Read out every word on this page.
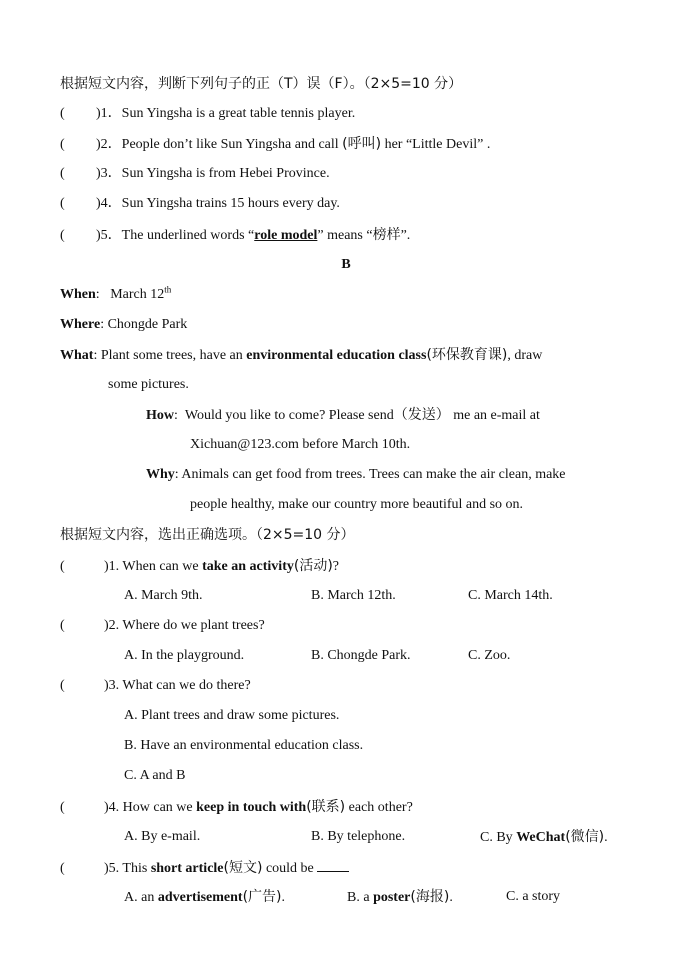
根据短文内容，判断下列句子的正（T）误（F）。（2×5=10 分）
( )1．Sun Yingsha is a great table tennis player.
( )2．People don’t like Sun Yingsha and call (呼叫) her “Little Devil” .
( )3．Sun Yingsha is from Hebei Province.
( )4．Sun Yingsha trains 15 hours every day.
( )5．The underlined words “role model” means “榜样”.
B
When:   March 12th
Where: Chongde Park
What: Plant some trees, have an environmental education class(环保教育课), draw
some pictures.
How:  Would you like to come? Please send（发送） me an e-mail at
Xichuan@123.com before March 10th.
Why: Animals can get food from trees. Trees can make the air clean, make
people healthy, make our country more beautiful and so on.
根据短文内容，选出正确选项。（2×5=10 分）
(	)1. When can we take an activity(活动)?
A. March 9th.	B. March 12th.	C. March 14th.
(	)2. Where do we plant trees?
A. In the playground.	B. Chongde Park.	C. Zoo.
(	)3. What can we do there?
A. Plant trees and draw some pictures.
B. Have an environmental education class.
C. A and B
(	)4. How can we keep in touch with(联系) each other?
A. By e-mail.	B. By telephone.	C. By WeChat(微信).
(	)5. This short article(短文) could be
A. an advertisement(广告).	B. a poster(海报).	C. a story
